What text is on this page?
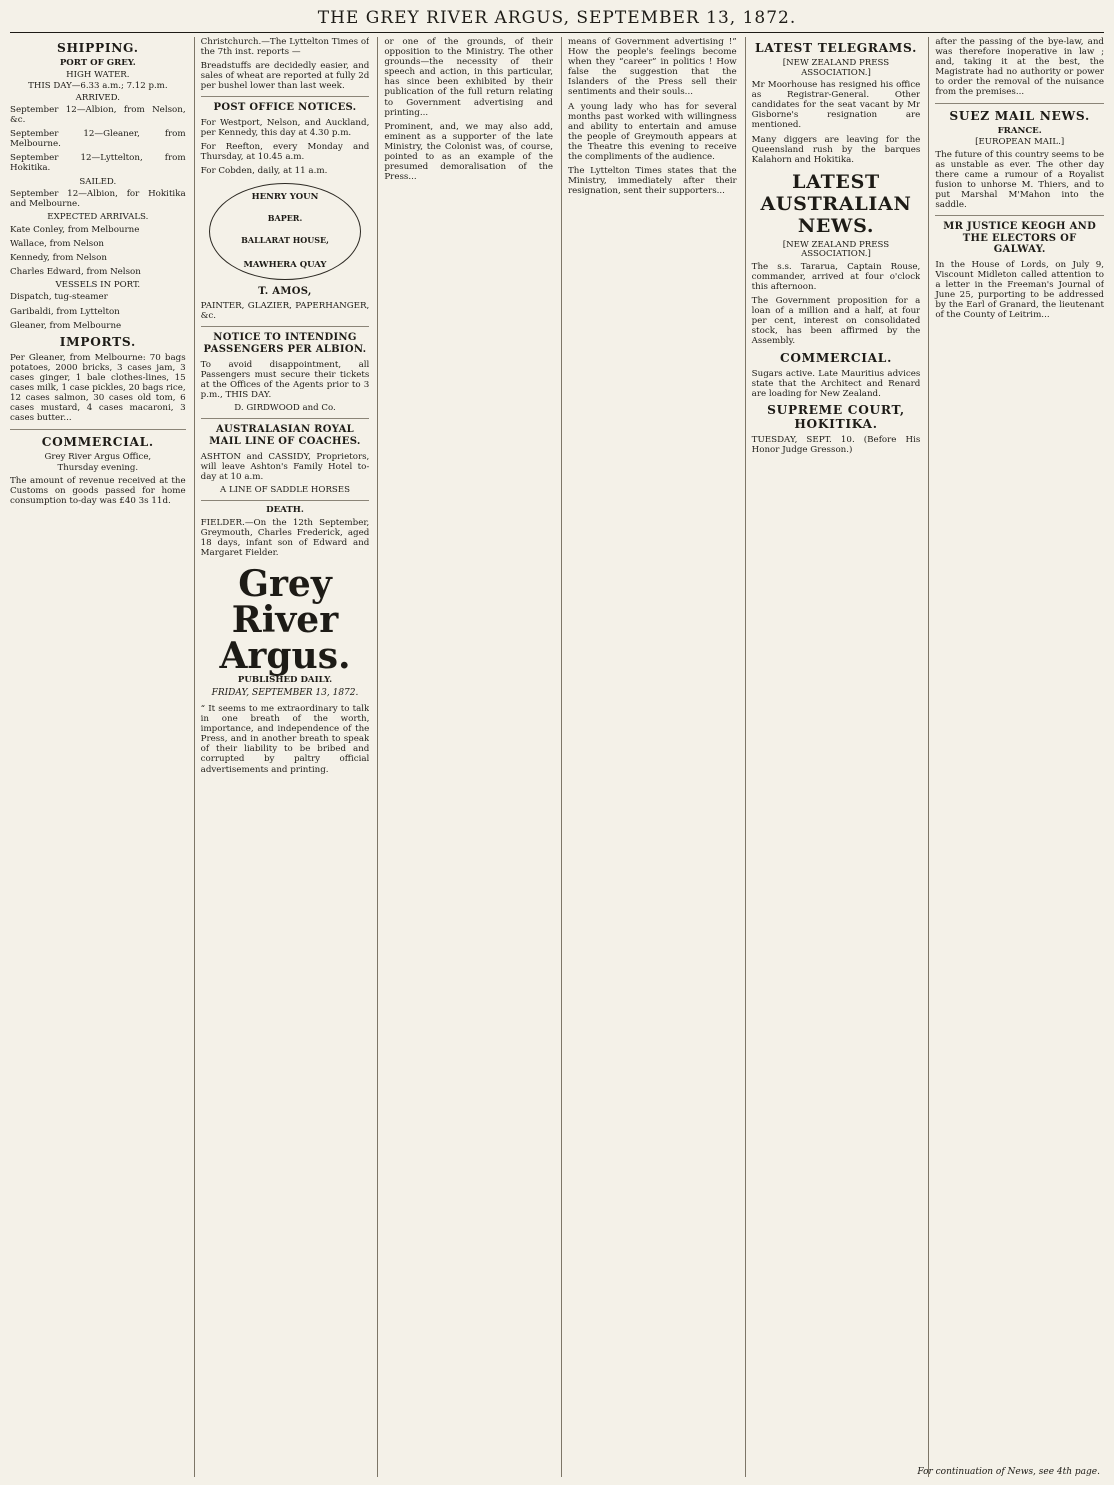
THE GREY RIVER ARGUS, SEPTEMBER 13, 1872.
SHIPPING.
PORT OF GREY.
HIGH WATER.
THIS DAY—6.33 a.m.; 7.12 p.m.
ARRIVED.

September 12—Albion, from Nelson, &c.

September 12—Gleaner, from Melbourne.

September 12—Lyttelton, from Hokitika.

SAILED.

September 12—Albion, for Hokitika and Melbourne.

EXPECTED ARRIVALS.

Kate Conley, from Melbourne

Wallace, from Nelson

Kennedy, from Nelson

Charles Edward, from Nelson

VESSELS IN PORT.

Dispatch, tug-steamer

Garibaldi, from Lyttelton

Gleaner, from Melbourne

IMPORTS.

Per Gleaner, from Melbourne: 70 bags potatoes, 2000 bricks, 3 cases jam, 3 cases ginger, 1 bale clothes-lines, 15 cases milk, 1 case pickles, 20 bags rice, 12 cases salmon, 30 cases old tom, 6 cases mustard, 4 cases macaroni, 3 cases butter...

COMMERCIAL.
Grey River Argus Office,
Thursday evening.

The amount of revenue received at the Customs on goods passed for home consumption to-day was £40 3s 11d.

Christchurch.—The Lyttelton Times of the 7th inst. reports —

Breadstuffs are decidedly easier, and sales of wheat are reported at fully 2d per bushel lower than last week.

POST OFFICE NOTICES.

For Westport, Nelson, and Auckland, per Kennedy, this day at 4.30 p.m.

For Reefton, every Monday and Thursday, at 10.45 a.m.

For Cobden, daily, at 11 a.m.

HENRY YOUN
BAPER.
BALLARAT HOUSE,
MAWHERA QUAY
T. AMOS,

PAINTER, GLAZIER, PAPERHANGER, &c.

NOTICE TO INTENDING PASSENGERS PER ALBION.

To avoid disappointment, all Passengers must secure their tickets at the Offices of the Agents prior to 3 p.m., THIS DAY.

D. GIRDWOOD and Co.
AUSTRALASIAN ROYAL MAIL LINE OF COACHES.

ASHTON and CASSIDY, Proprietors, will leave Ashton's Family Hotel to-day at 10 a.m.

A LINE OF SADDLE HORSES
DEATH.

FIELDER.—On the 12th September, Greymouth, Charles Frederick, aged 18 days, infant son of Edward and Margaret Fielder.

Grey River Argus.
PUBLISHED DAILY.
FRIDAY, SEPTEMBER 13, 1872.

“ It seems to me extraordinary to talk in one breath of the worth, importance, and independence of the Press, and in another breath to speak of their liability to be bribed and corrupted by paltry official advertisements and printing.

or one of the grounds, of their opposition to the Ministry. The other grounds—the necessity of their speech and action, in this particular, has since been exhibited by their publication of the full return relating to Government advertising and printing...

Prominent, and, we may also add, eminent as a supporter of the late Ministry, the Colonist was, of course, pointed to as an example of the presumed demoralisation of the Press...

means of Government advertising !” How the people's feelings become when they “career” in politics ! How false the suggestion that the Islanders of the Press sell their sentiments and their souls...

A young lady who has for several months past worked with willingness and ability to entertain and amuse the people of Greymouth appears at the Theatre this evening to receive the compliments of the audience.

The Lyttelton Times states that the Ministry, immediately after their resignation, sent their supporters...

LATEST TELEGRAMS.
[NEW ZEALAND PRESS ASSOCIATION.]

Mr Moorhouse has resigned his office as Registrar-General. Other candidates for the seat vacant by Mr Gisborne's resignation are mentioned.

Many diggers are leaving for the Queensland rush by the barques Kalahorn and Hokitika.

LATEST AUSTRALIAN NEWS.
[NEW ZEALAND PRESS ASSOCIATION.]

The s.s. Tararua, Captain Rouse, commander, arrived at four o'clock this afternoon.

The Government proposition for a loan of a million and a half, at four per cent, interest on consolidated stock, has been affirmed by the Assembly.

COMMERCIAL.

Sugars active. Late Mauritius advices state that the Architect and Renard are loading for New Zealand.

SUPREME COURT, HOKITIKA.

TUESDAY, SEPT. 10. (Before His Honor Judge Gresson.)

after the passing of the bye-law, and was therefore inoperative in law ; and, taking it at the best, the Magistrate had no authority or power to order the removal of the nuisance from the premises...

SUEZ MAIL NEWS.
FRANCE.
[EUROPEAN MAIL.]

The future of this country seems to be as unstable as ever. The other day there came a rumour of a Royalist fusion to unhorse M. Thiers, and to put Marshal M'Mahon into the saddle.

MR JUSTICE KEOGH AND THE ELECTORS OF GALWAY.

In the House of Lords, on July 9, Viscount Midleton called attention to a letter in the Freeman's Journal of June 25, purporting to be addressed by the Earl of Granard, the lieutenant of the County of Leitrim...

For continuation of News, see 4th page.
